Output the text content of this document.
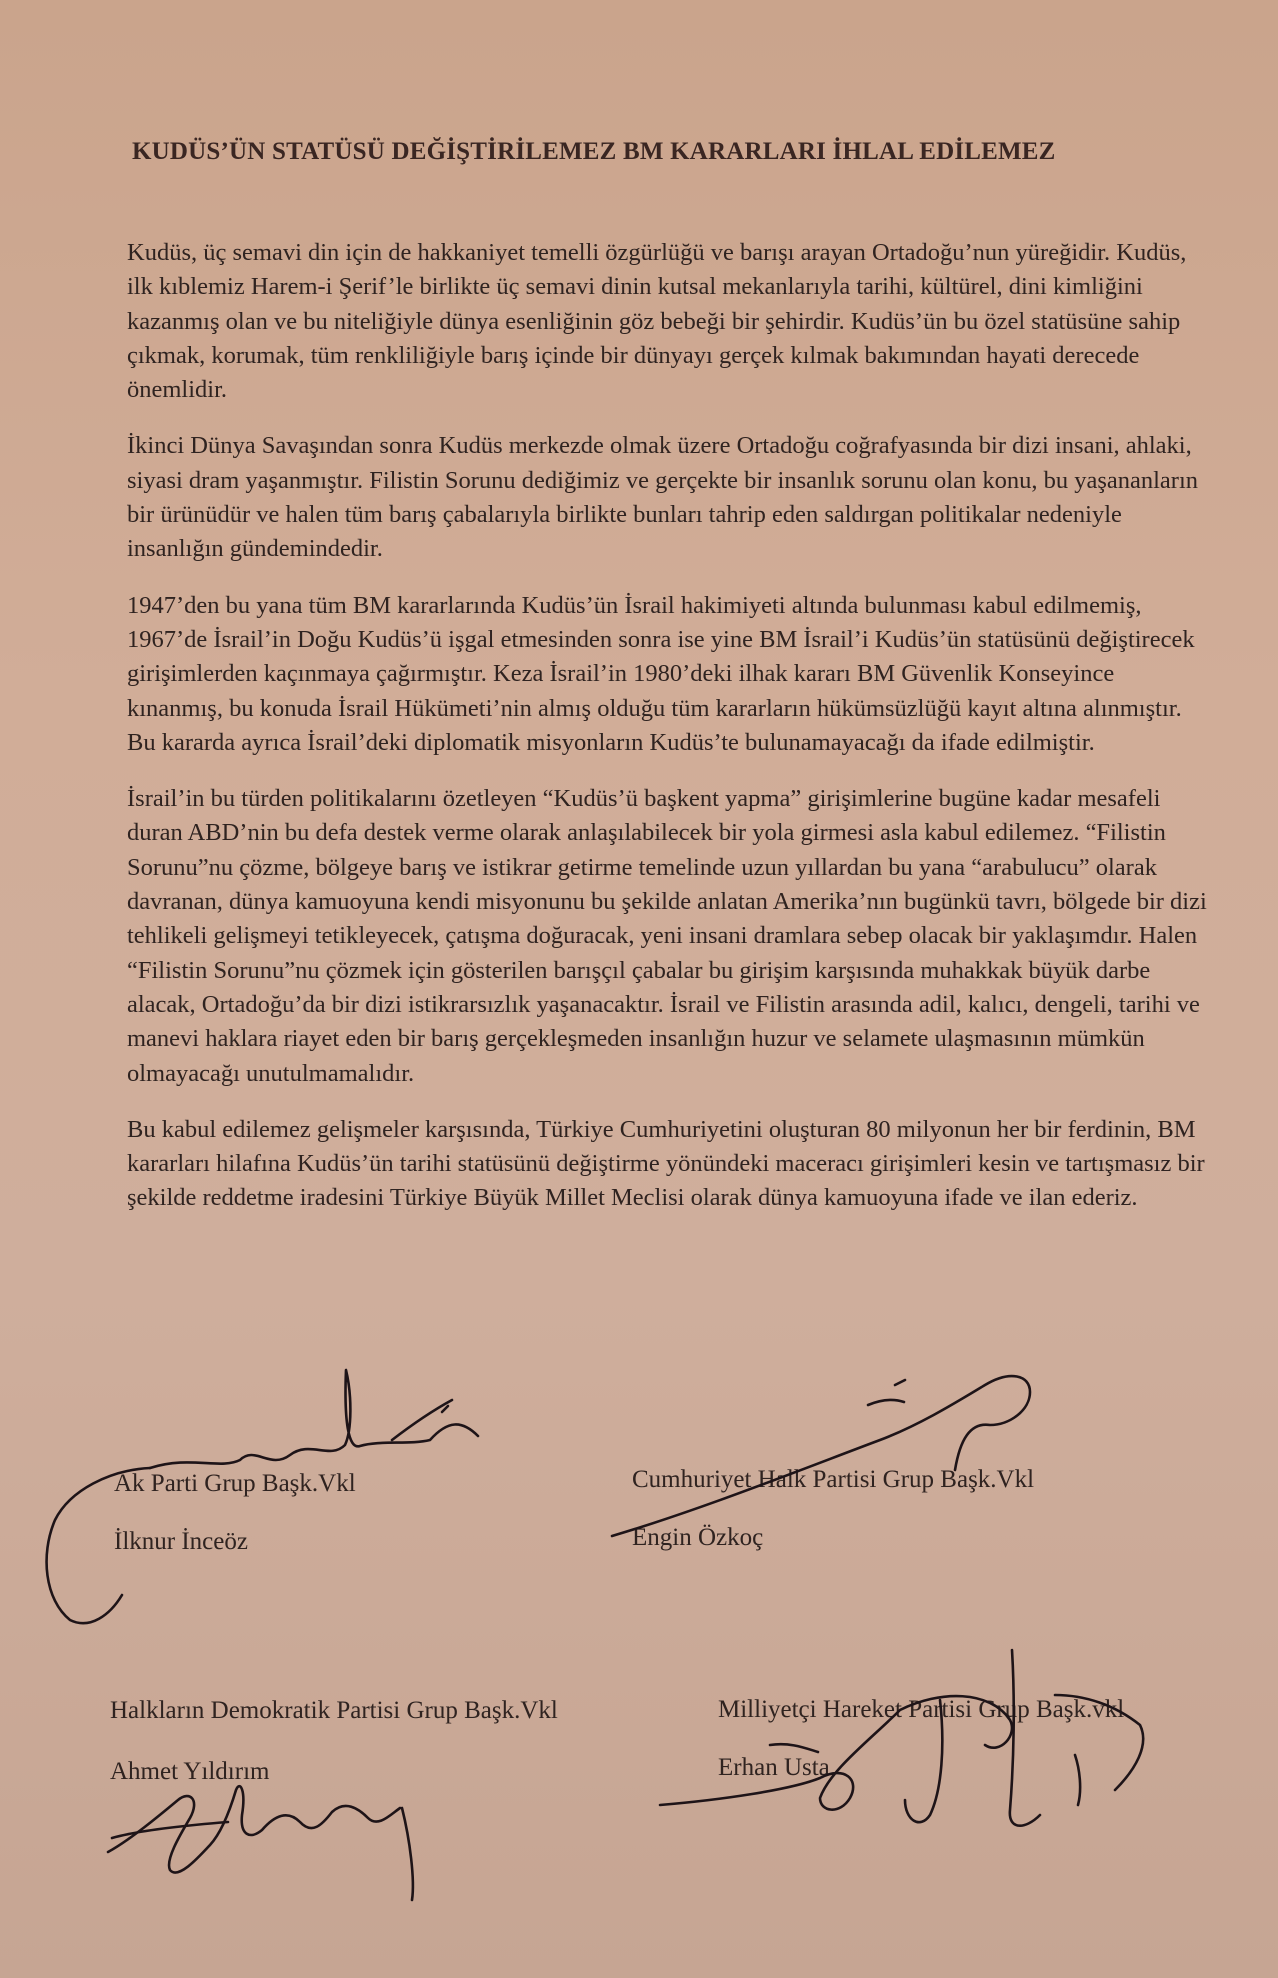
KUDÜS’ÜN STATÜSÜ DEĞİŞTİRİLEMEZ BM KARARLARI İHLAL EDİLEMEZ

Kudüs, üç semavi din için de hakkaniyet temelli özgürlüğü ve barışı arayan Ortadoğu’nun yüreğidir. Kudüs, ilk kıblemiz Harem-i Şerif’le birlikte üç semavi dinin kutsal mekanlarıyla tarihi, kültürel, dini kimliğini kazanmış olan ve bu niteliğiyle dünya esenliğinin göz bebeği bir şehirdir. Kudüs’ün bu özel statüsüne sahip çıkmak, korumak, tüm renkliliğiyle barış içinde bir dünyayı gerçek kılmak bakımından hayati derecede önemlidir.

İkinci Dünya Savaşından sonra Kudüs merkezde olmak üzere Ortadoğu coğrafyasında bir dizi insani, ahlaki, siyasi dram yaşanmıştır. Filistin Sorunu dediğimiz ve gerçekte bir insanlık sorunu olan konu, bu yaşananların bir ürünüdür ve halen tüm barış çabalarıyla birlikte bunları tahrip eden saldırgan politikalar nedeniyle insanlığın gündemindedir.

1947’den bu yana tüm BM kararlarında Kudüs’ün İsrail hakimiyeti altında bulunması kabul edilmemiş, 1967’de İsrail’in Doğu Kudüs’ü işgal etmesinden sonra ise yine BM İsrail’i Kudüs’ün statüsünü değiştirecek girişimlerden kaçınmaya çağırmıştır. Keza İsrail’in 1980’deki ilhak kararı BM Güvenlik Konseyince kınanmış, bu konuda İsrail Hükümeti’nin almış olduğu tüm kararların hükümsüzlüğü kayıt altına alınmıştır. Bu kararda ayrıca İsrail’deki diplomatik misyonların Kudüs’te bulunamayacağı da ifade edilmiştir.

İsrail’in bu türden politikalarını özetleyen “Kudüs’ü başkent yapma” girişimlerine bugüne kadar mesafeli duran ABD’nin bu defa destek verme olarak anlaşılabilecek bir yola girmesi asla kabul edilemez. “Filistin Sorunu”nu çözme, bölgeye barış ve istikrar getirme temelinde uzun yıllardan bu yana “arabulucu” olarak davranan, dünya kamuoyuna kendi misyonunu bu şekilde anlatan Amerika’nın bugünkü tavrı, bölgede bir dizi tehlikeli gelişmeyi tetikleyecek, çatışma doğuracak, yeni insani dramlara sebep olacak bir yaklaşımdır. Halen “Filistin Sorunu”nu çözmek için gösterilen barışçıl çabalar bu girişim karşısında muhakkak büyük darbe alacak, Ortadoğu’da bir dizi istikrarsızlık yaşanacaktır. İsrail ve Filistin arasında adil, kalıcı, dengeli, tarihi ve manevi haklara riayet eden bir barış gerçekleşmeden insanlığın huzur ve selamete ulaşmasının mümkün olmayacağı unutulmamalıdır.

Bu kabul edilemez gelişmeler karşısında, Türkiye Cumhuriyetini oluşturan 80 milyonun her bir ferdinin, BM kararları hilafına Kudüs’ün tarihi statüsünü değiştirme yönündeki maceracı girişimleri kesin ve tartışmasız bir şekilde reddetme iradesini Türkiye Büyük Millet Meclisi olarak dünya kamuoyuna ifade ve ilan ederiz.

Ak Parti Grup Başk.Vkl
İlknur İnceöz
Cumhuriyet Halk Partisi Grup Başk.Vkl
Engin Özkoç
Halkların Demokratik Partisi Grup Başk.Vkl
Ahmet Yıldırım
Milliyetçi Hareket Partisi Grup Başk.vkl
Erhan Usta
